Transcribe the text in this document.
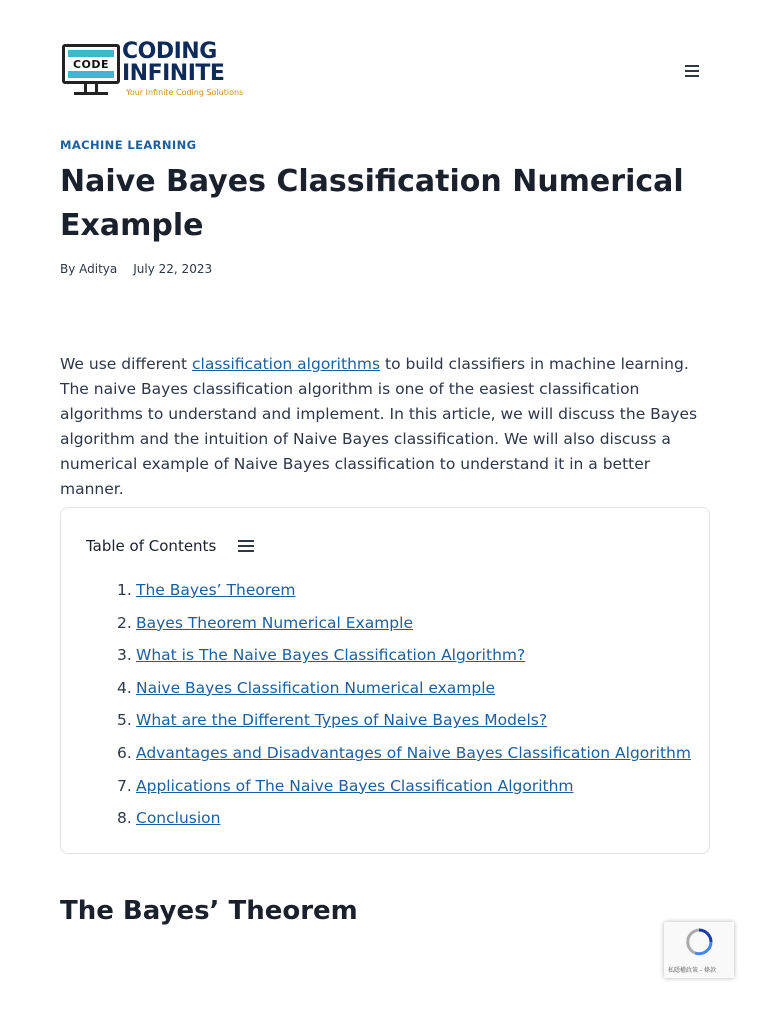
CODE
CODING
INFINITE
Your Infinite Coding Solutions
MACHINE LEARNING
Naive Bayes Classification Numerical Example
By Aditya July 22, 2023

We use different classification algorithms to build classifiers in machine learning. The naive Bayes classification algorithm is one of the easiest classification algorithms to understand and implement. In this article, we will discuss the Bayes algorithm and the intuition of Naive Bayes classification. We will also discuss a numerical example of Naive Bayes classification to understand it in a better manner.

Table of Contents
1. The Bayes’ Theorem
2. Bayes Theorem Numerical Example
3. What is The Naive Bayes Classification Algorithm?
4. Naive Bayes Classification Numerical example
5. What are the Different Types of Naive Bayes Models?
6. Advantages and Disadvantages of Naive Bayes Classification Algorithm
7. Applications of The Naive Bayes Classification Algorithm
8. Conclusion
The Bayes’ Theorem
私隱權政策 - 條款
